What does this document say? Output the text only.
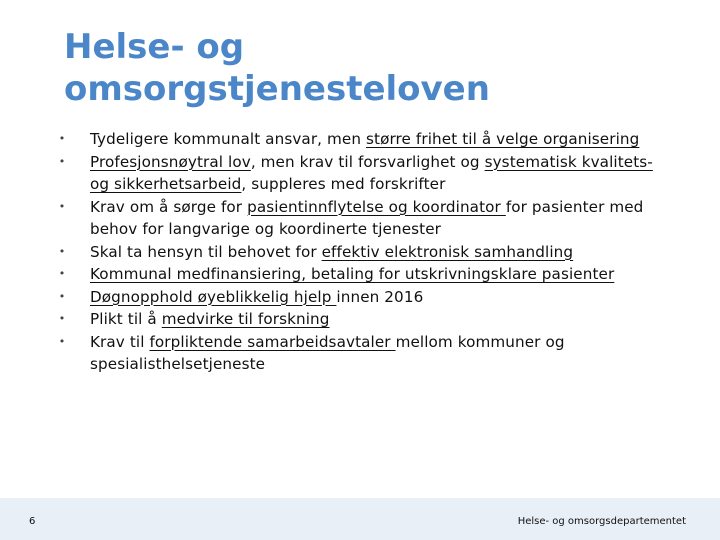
Helse- og
omsorgstjenesteloven
• Tydeligere kommunalt ansvar, men større frihet til å velge organisering
• Profesjonsnøytral lov, men krav til forsvarlighet og systematisk kvalitets- og sikkerhetsarbeid, suppleres med forskrifter
• Krav om å sørge for pasientinnflytelse og koordinator for pasienter med behov for langvarige og koordinerte tjenester
• Skal ta hensyn til behovet for effektiv elektronisk samhandling
• Kommunal medfinansiering, betaling for utskrivningsklare pasienter
• Døgnopphold øyeblikkelig hjelp innen 2016
• Plikt til å medvirke til forskning
• Krav til forpliktende samarbeidsavtaler mellom kommuner og spesialisthelsetjeneste
6	Helse- og omsorgsdepartementet
